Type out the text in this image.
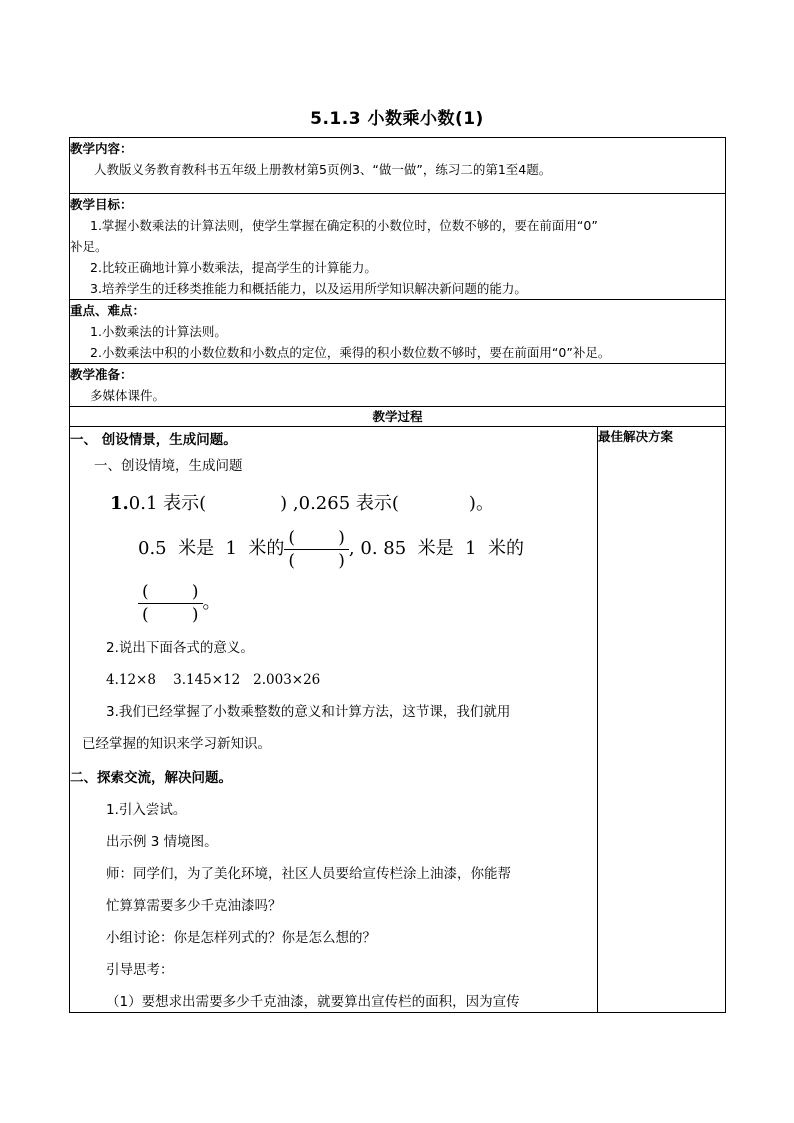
5.1.3 小数乘小数(1)
教学内容：
人教版义务教育教科书五年级上册教材第5页例3、“做一做”，练习二的第1至4题。

教学目标：
1.掌握小数乘法的计算法则，使学生掌握在确定积的小数位时，位数不够的，要在前面用“0”
补足。
2.比较正确地计算小数乘法，提高学生的计算能力。
3.培养学生的迁移类推能力和概括能力，以及运用所学知识解决新问题的能力。

重点、难点：
1.小数乘法的计算法则。
2.小数乘法中积的小数位数和小数点的定位，乘得的积小数位数不够时，要在前面用“0”补足。

教学准备：
多媒体课件。

教学过程

一、 创设情景，生成问题。
一、创设情境，生成问题
1.0.1 表示(	) ,0.265 表示(	)。
0.5  米是  1  米的 $\frac{( )}{( )}$ , 0. 85  米是  1  米的
$\frac{( )}{( )}$ 。
2.说出下面各式的意义。
4.12×8    3.145×12   2.003×26
3.我们已经掌握了小数乘整数的意义和计算方法，这节课，我们就用
已经掌握的知识来学习新知识。
二、探索交流，解决问题。
1.引入尝试。
出示例 3 情境图。
师：同学们，为了美化环境，社区人员要给宣传栏涂上油漆，你能帮
忙算算需要多少千克油漆吗？
小组讨论：你是怎样列式的？你是怎么想的？
引导思考：
（1）要想求出需要多少千克油漆，就要算出宣传栏的面积，因为宣传

最佳解决方案
